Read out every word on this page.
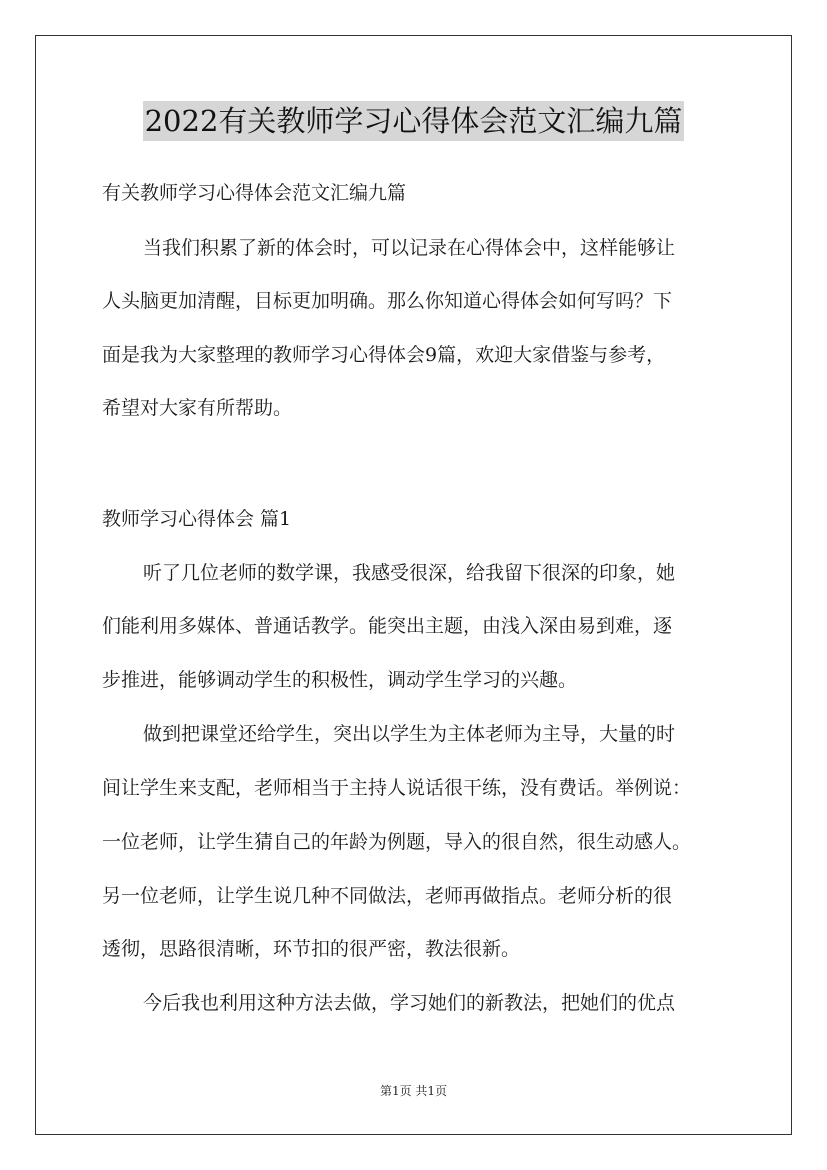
2022有关教师学习心得体会范文汇编九篇
有关教师学习心得体会范文汇编九篇
当我们积累了新的体会时，可以记录在心得体会中，这样能够让
人头脑更加清醒，目标更加明确。那么你知道心得体会如何写吗？下
面是我为大家整理的教师学习心得体会9篇，欢迎大家借鉴与参考，
希望对大家有所帮助。
教师学习心得体会 篇1
听了几位老师的数学课，我感受很深，给我留下很深的印象，她
们能利用多媒体、普通话教学。能突出主题，由浅入深由易到难，逐
步推进，能够调动学生的积极性，调动学生学习的兴趣。
做到把课堂还给学生，突出以学生为主体老师为主导，大量的时
间让学生来支配，老师相当于主持人说话很干练，没有费话。举例说：
一位老师，让学生猜自己的年龄为例题，导入的很自然，很生动感人。
另一位老师，让学生说几种不同做法，老师再做指点。老师分析的很
透彻，思路很清晰，环节扣的很严密，教法很新。
今后我也利用这种方法去做，学习她们的新教法，把她们的优点
第1页 共1页
